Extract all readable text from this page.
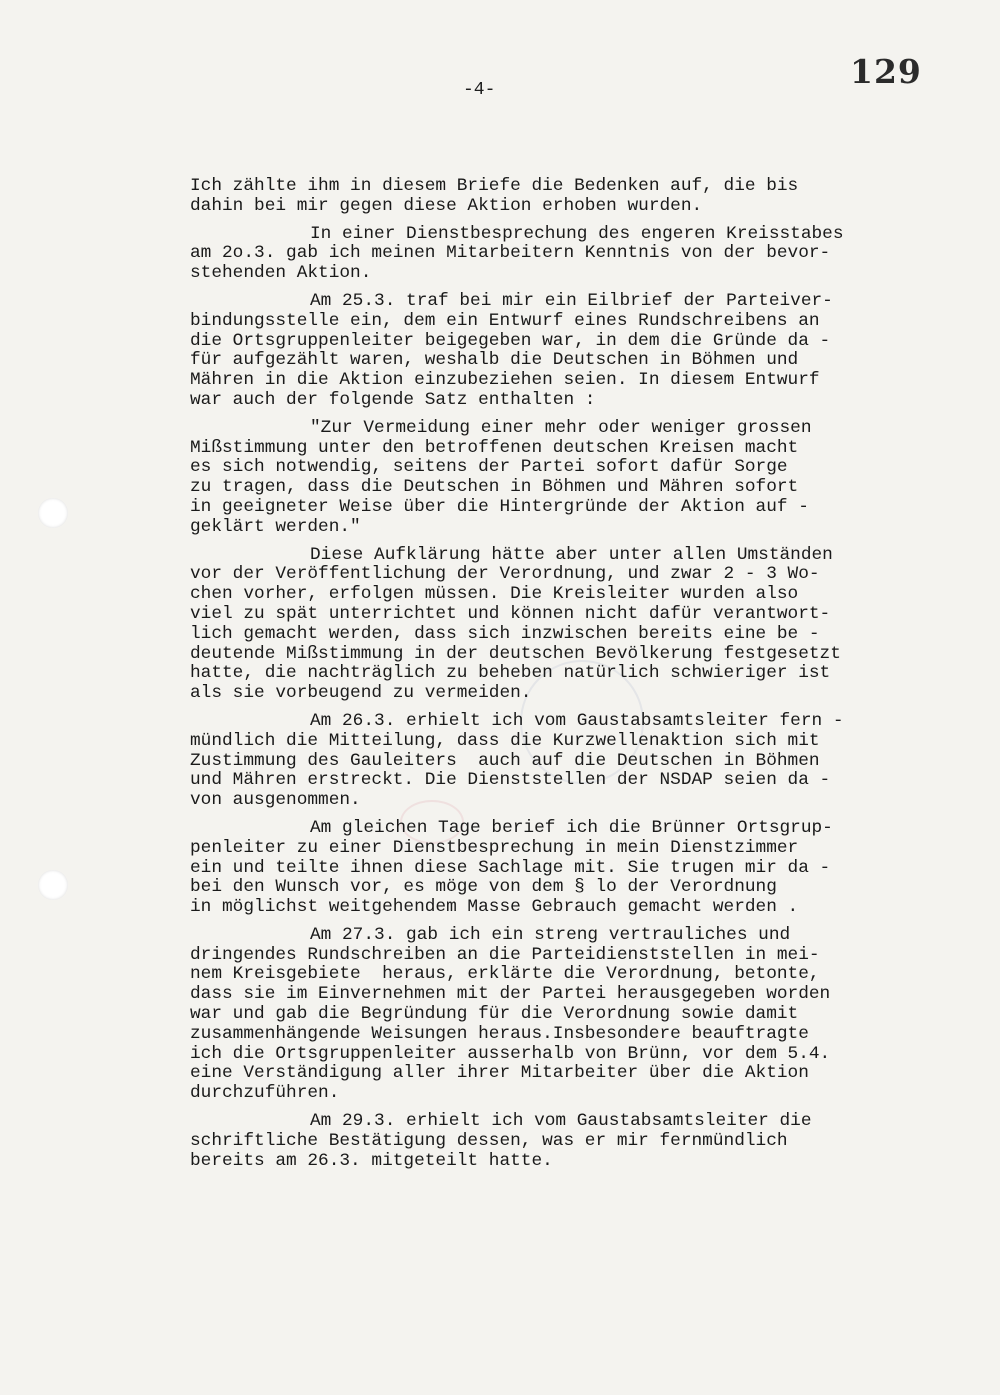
129
-4-
Ich zählte ihm in diesem Briefe die Bedenken auf, die bis
dahin bei mir gegen diese Aktion erhoben wurden.
In einer Dienstbesprechung des engeren Kreisstabes
am 2o.3. gab ich meinen Mitarbeitern Kenntnis von der bevor-
stehenden Aktion.
Am 25.3. traf bei mir ein Eilbrief der Parteiver-
bindungsstelle ein, dem ein Entwurf eines Rundschreibens an
die Ortsgruppenleiter beigegeben war, in dem die Gründe da -
für aufgezählt waren, weshalb die Deutschen in Böhmen und
Mähren in die Aktion einzubeziehen seien. In diesem Entwurf
war auch der folgende Satz enthalten :
"Zur Vermeidung einer mehr oder weniger grossen
Mißstimmung unter den betroffenen deutschen Kreisen macht
es sich notwendig, seitens der Partei sofort dafür Sorge
zu tragen, dass die Deutschen in Böhmen und Mähren sofort
in geeigneter Weise über die Hintergründe der Aktion auf -
geklärt werden."
Diese Aufklärung hätte aber unter allen Umständen
vor der Veröffentlichung der Verordnung, und zwar 2 - 3 Wo-
chen vorher, erfolgen müssen. Die Kreisleiter wurden also
viel zu spät unterrichtet und können nicht dafür verantwort-
lich gemacht werden, dass sich inzwischen bereits eine be -
deutende Mißstimmung in der deutschen Bevölkerung festgesetzt
hatte, die nachträglich zu beheben natürlich schwieriger ist
als sie vorbeugend zu vermeiden.
Am 26.3. erhielt ich vom Gaustabsamtsleiter fern -
mündlich die Mitteilung, dass die Kurzwellenaktion sich mit
Zustimmung des Gauleiters  auch auf die Deutschen in Böhmen
und Mähren erstreckt. Die Dienststellen der NSDAP seien da -
von ausgenommen.
Am gleichen Tage berief ich die Brünner Ortsgrup-
penleiter zu einer Dienstbesprechung in mein Dienstzimmer
ein und teilte ihnen diese Sachlage mit. Sie trugen mir da -
bei den Wunsch vor, es möge von dem § lo der Verordnung
in möglichst weitgehendem Masse Gebrauch gemacht werden .
Am 27.3. gab ich ein streng vertrauliches und
dringendes Rundschreiben an die Parteidienststellen in mei-
nem Kreisgebiete  heraus, erklärte die Verordnung, betonte,
dass sie im Einvernehmen mit der Partei herausgegeben worden
war und gab die Begründung für die Verordnung sowie damit
zusammenhängende Weisungen heraus.Insbesondere beauftragte
ich die Ortsgruppenleiter ausserhalb von Brünn, vor dem 5.4.
eine Verständigung aller ihrer Mitarbeiter über die Aktion
durchzuführen.
Am 29.3. erhielt ich vom Gaustabsamtsleiter die
schriftliche Bestätigung dessen, was er mir fernmündlich
bereits am 26.3. mitgeteilt hatte.
